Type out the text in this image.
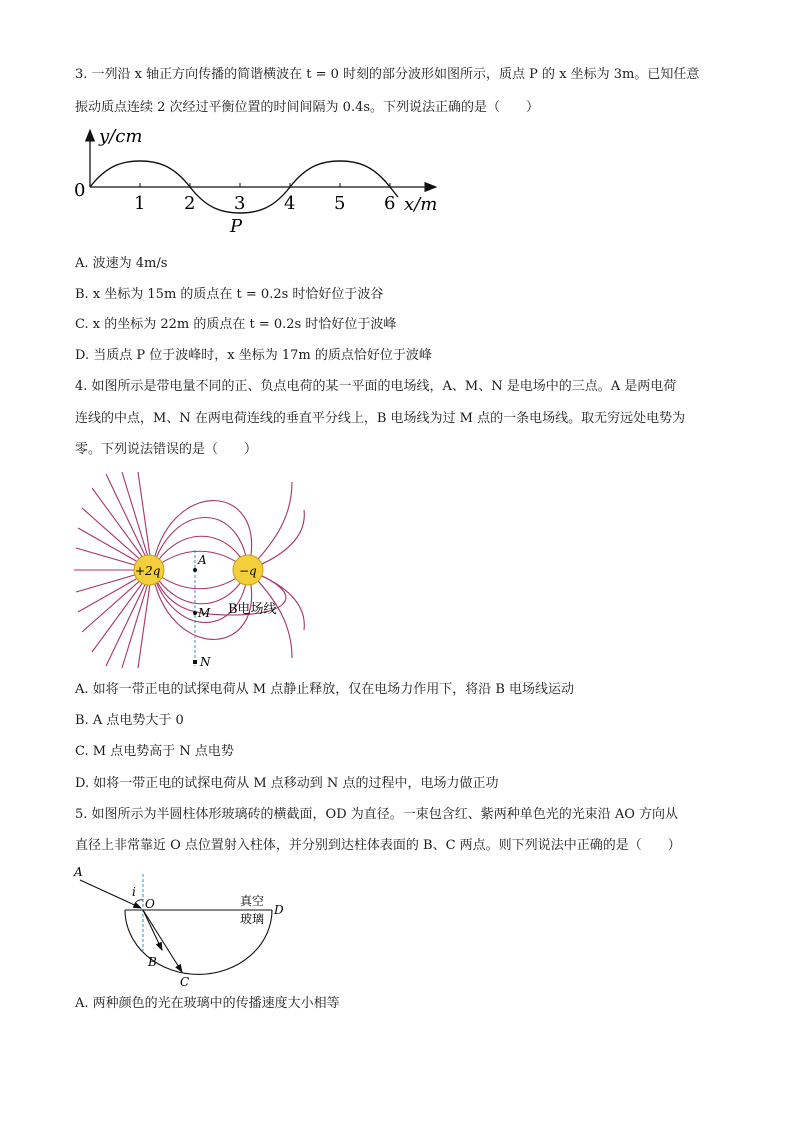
3. 一列沿 x 轴正方向传播的简谐横波在 t = 0 时刻的部分波形如图所示，质点 P 的 x 坐标为 3m。已知任意
振动质点连续 2 次经过平衡位置的时间间隔为 0.4s。下列说法正确的是（　　）
y/cm
0
1 2 3 4 5 6 x/m
P
A. 波速为 4m/s
B. x 坐标为 15m 的质点在 t = 0.2s 时恰好位于波谷
C. x 的坐标为 22m 的质点在 t = 0.2s 时恰好位于波峰
D. 当质点 P 位于波峰时，x 坐标为 17m 的质点恰好位于波峰
4. 如图所示是带电量不同的正、负点电荷的某一平面的电场线，A、M、N 是电场中的三点。A 是两电荷
连线的中点，M、N 在两电荷连线的垂直平分线上，B 电场线为过 M 点的一条电场线。取无穷远处电势为
零。下列说法错误的是（　　）
+2q	−q
A
M
N
B电场线
A. 如将一带正电的试探电荷从 M 点静止释放，仅在电场力作用下，将沿 B 电场线运动
B. A 点电势大于 0
C. M 点电势高于 N 点电势
D. 如将一带正电的试探电荷从 M 点移动到 N 点的过程中，电场力做正功
5. 如图所示为半圆柱体形玻璃砖的横截面，OD 为直径。一束包含红、紫两种单色光的光束沿 AO 方向从
直径上非常靠近 O 点位置射入柱体，并分别到达柱体表面的 B、C 两点。则下列说法中正确的是（　　）
A
i
O
B
C
D
真空
玻璃
A. 两种颜色的光在玻璃中的传播速度大小相等
